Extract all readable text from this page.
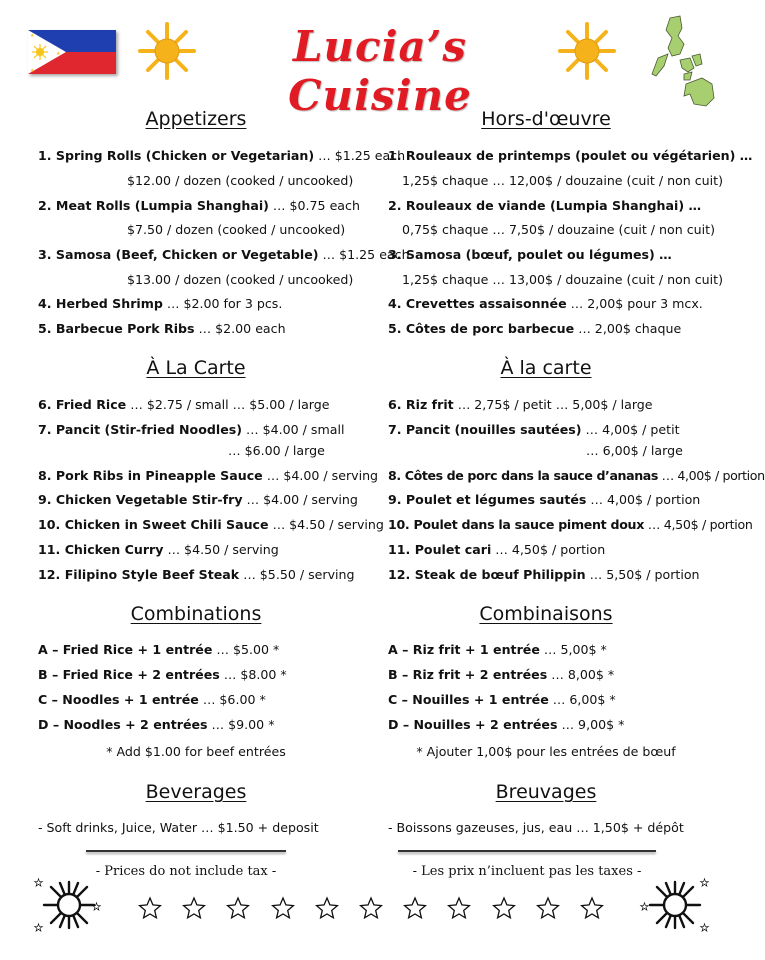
★
★
★	Lucia’s Cuisine
Appetizers
1. Spring Rolls (Chicken or Vegetarian) … $1.25 each
$12.00 / dozen (cooked / uncooked)
2. Meat Rolls (Lumpia Shanghai) … $0.75 each
$7.50 / dozen (cooked / uncooked)
3. Samosa (Beef, Chicken or Vegetable) … $1.25 each
$13.00 / dozen (cooked / uncooked)
4. Herbed Shrimp … $2.00 for 3 pcs.
5. Barbecue Pork Ribs … $2.00 each
À La Carte
6. Fried Rice … $2.75 / small … $5.00 / large
7. Pancit (Stir-fried Noodles) … $4.00 / small
… $6.00 / large
8. Pork Ribs in Pineapple Sauce … $4.00 / serving
9. Chicken Vegetable Stir-fry … $4.00 / serving
10. Chicken in Sweet Chili Sauce … $4.50 / serving
11. Chicken Curry … $4.50 / serving
12. Filipino Style Beef Steak … $5.50 / serving
Combinations
A – Fried Rice + 1 entrée … $5.00 *
B – Fried Rice + 2 entrées … $8.00 *
C – Noodles + 1 entrée … $6.00 *
D – Noodles + 2 entrées … $9.00 *
* Add $1.00 for beef entrées
Beverages
- Soft drinks, Juice, Water … $1.50 + deposit
- Prices do not include tax -
Hors-d'œuvre
1. Rouleaux de printemps (poulet ou végétarien) …
1,25$ chaque … 12,00$ / douzaine (cuit / non cuit)
2. Rouleaux de viande (Lumpia Shanghai) …
0,75$ chaque … 7,50$ / douzaine (cuit / non cuit)
3. Samosa (bœuf, poulet ou légumes) …
1,25$ chaque … 13,00$ / douzaine (cuit / non cuit)
4. Crevettes assaisonnée … 2,00$ pour 3 mcx.
5. Côtes de porc barbecue … 2,00$ chaque
À la carte
6. Riz frit … 2,75$ / petit … 5,00$ / large
7. Pancit (nouilles sautées) … 4,00$ / petit
… 6,00$ / large
8. Côtes de porc dans la sauce d’ananas … 4,00$ / portion
9. Poulet et légumes sautés … 4,00$ / portion
10. Poulet dans la sauce piment doux … 4,50$ / portion
11. Poulet cari … 4,50$ / portion
12. Steak de bœuf Philippin … 5,50$ / portion
Combinaisons
A – Riz frit + 1 entrée … 5,00$ *
B – Riz frit + 2 entrées … 8,00$ *
C – Nouilles + 1 entrée … 6,00$ *
D – Nouilles + 2 entrées … 9,00$ *
* Ajouter 1,00$ pour les entrées de bœuf
Breuvages
- Boissons gazeuses, jus, eau … 1,50$ + dépôt
- Les prix n’incluent pas les taxes -
★
★
★
★
★
★
